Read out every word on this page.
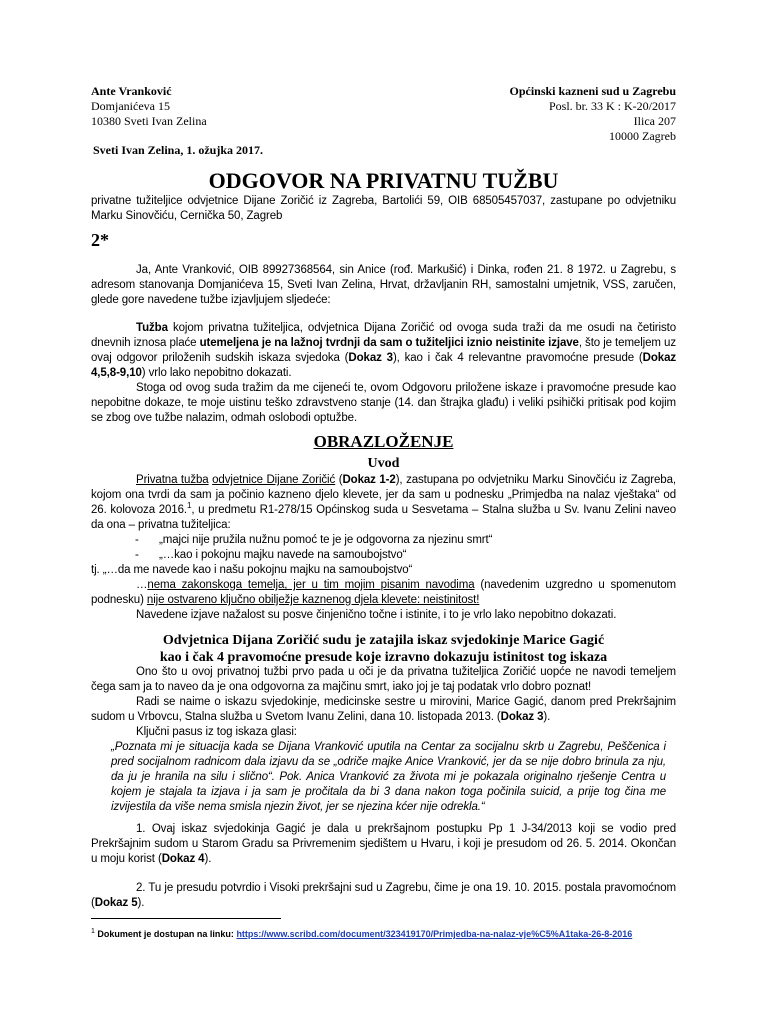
Ante Vranković
Domjanićeva 15
10380 Sveti Ivan Zelina
Općinski kazneni sud u Zagrebu
Posl. br. 33 K : K-20/2017
Ilica 207
10000 Zagreb
Sveti Ivan Zelina, 1. ožujka 2017.
ODGOVOR NA PRIVATNU TUŽBU
privatne tužiteljice odvjetnice Dijane Zoričić iz Zagreba, Bartolići 59, OIB 68505457037, zastupane po odvjetniku Marku Sinovčiću, Cernička 50, Zagreb
2*

Ja, Ante Vranković, OIB 89927368564, sin Anice (rođ. Markušić) i Dinka, rođen 21. 8 1972. u Zagrebu, s adresom stanovanja Domjanićeva 15, Sveti Ivan Zelina, Hrvat, državljanin RH, samostalni umjetnik, VSS, zaručen, glede gore navedene tužbe izjavljujem sljedeće:

Tužba kojom privatna tužiteljica, odvjetnica Dijana Zoričić od ovoga suda traži da me osudi na četiristo dnevnih iznosa plaće utemeljena je na lažnoj tvrdnji da sam o tužiteljici iznio neistinite izjave, što je temeljem uz ovaj odgovor priloženih sudskih iskaza svjedoka (Dokaz 3), kao i čak 4 relevantne pravomoćne presude (Dokaz 4,5,8-9,10) vrlo lako nepobitno dokazati.

Stoga od ovog suda tražim da me cijeneći te, ovom Odgovoru priložene iskaze i pravomoćne presude kao nepobitne dokaze, te moje uistinu teško zdravstveno stanje (14. dan štrajka glađu) i veliki psihički pritisak pod kojim se zbog ove tužbe nalazim, odmah oslobodi optužbe.

OBRAZLOŽENJE
Uvod

Privatna tužba odvjetnice Dijane Zoričić (Dokaz 1-2), zastupana po odvjetniku Marku Sinovčiću iz Zagreba, kojom ona tvrdi da sam ja počinio kazneno djelo klevete, jer da sam u podnesku „Primjedba na nalaz vještaka“ od 26. kolovoza 2016.$^1$, u predmetu R1-278/15 Općinskog suda u Sesvetama – Stalna služba u Sv. Ivanu Zelini naveo da ona – privatna tužiteljica:

- „majci nije pružila nužnu pomoć te je je odgovorna za njezinu smrt“
- „…kao i pokojnu majku navede na samoubojstvo“
tj. „…da me navede kao i našu pokojnu majku na samoubojstvo“

…nema zakonskoga temelja, jer u tim mojim pisanim navodima (navedenim uzgredno u spomenutom podnesku) nije ostvareno ključno obilježje kaznenog djela klevete: neistinitost!

Navedene izjave nažalost su posve činjenično točne i istinite, i to je vrlo lako nepobitno dokazati.

Odvjetnica Dijana Zoričić sudu je zatajila iskaz svjedokinje Marice Gagić
kao i čak 4 pravomoćne presude koje izravno dokazuju istinitost tog iskaza

Ono što u ovoj privatnoj tužbi prvo pada u oči je da privatna tužiteljica Zoričić uopće ne navodi temeljem čega sam ja to naveo da je ona odgovorna za majčinu smrt, iako joj je taj podatak vrlo dobro poznat!

Radi se naime o iskazu svjedokinje, medicinske sestre u mirovini, Marice Gagić, danom pred Prekršajnim sudom u Vrbovcu, Stalna služba u Svetom Ivanu Zelini, dana 10. listopada 2013. (Dokaz 3).

Ključni pasus iz tog iskaza glasi:

„Poznata mi je situacija kada se Dijana Vranković uputila na Centar za socijalnu skrb u Zagrebu, Peščenica i pred socijalnom radnicom dala izjavu da se „odriče majke Anice Vranković, jer da se nije dobro brinula za nju, da ju je hranila na silu i slično“. Pok. Anica Vranković za života mi je pokazala originalno rješenje Centra u kojem je stajala ta izjava i ja sam je pročitala da bi 3 dana nakon toga počinila suicid, a prije tog čina me izvijestila da više nema smisla njezin život, jer se njezina kćer nije odrekla.“

1. Ovaj iskaz svjedokinja Gagić je dala u prekršajnom postupku Pp 1 J-34/2013 koji se vodio pred Prekršajnim sudom u Starom Gradu sa Privremenim sjedištem u Hvaru, i koji je presudom od 26. 5. 2014. Okončan u moju korist (Dokaz 4).

2. Tu je presudu potvrdio i Visoki prekršajni sud u Zagrebu, čime je ona 19. 10. 2015. postala pravomoćnom (Dokaz 5).

$^1$ Dokument je dostupan na linku: https://www.scribd.com/document/323419170/Primjedba-na-nalaz-vje%C5%A1taka-26-8-2016
